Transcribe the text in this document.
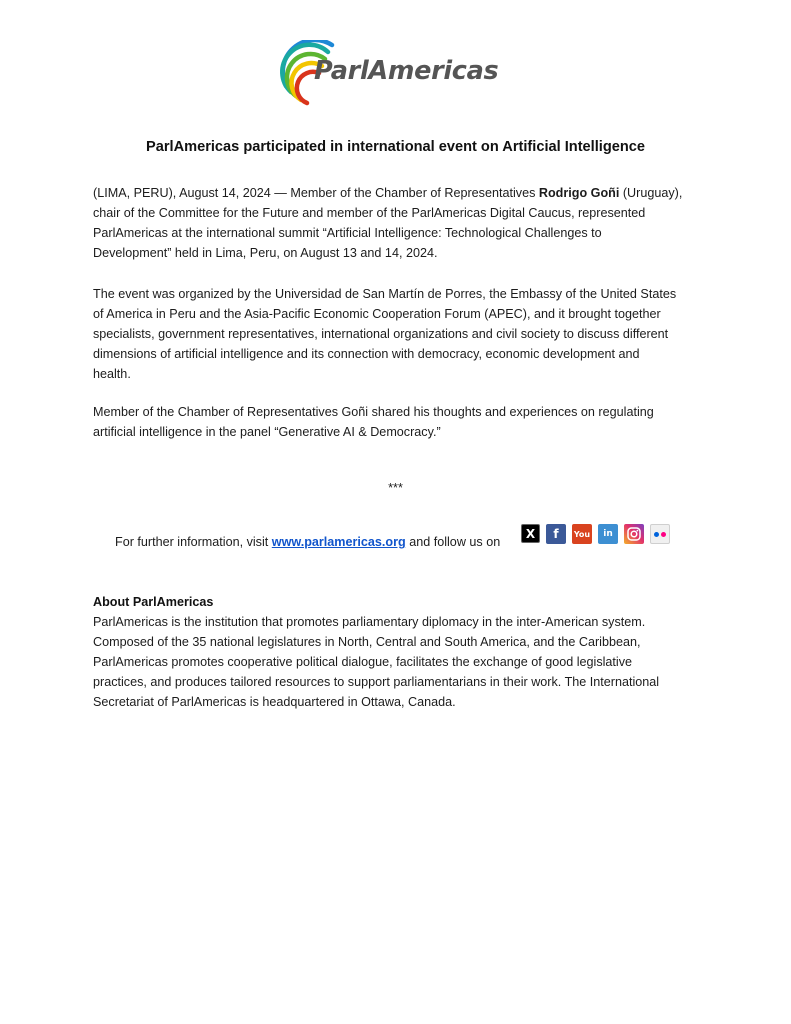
ParlAmericas
ParlAmericas participated in international event on Artificial Intelligence
(LIMA, PERU), August 14, 2024 — Member of the Chamber of Representatives Rodrigo Goñi (Uruguay),
chair of the Committee for the Future and member of the ParlAmericas Digital Caucus, represented
ParlAmericas at the international summit “Artificial Intelligence: Technological Challenges to
Development” held in Lima, Peru, on August 13 and 14, 2024.
The event was organized by the Universidad de San Martín de Porres, the Embassy of the United States
of America in Peru and the Asia-Pacific Economic Cooperation Forum (APEC), and it brought together
specialists, government representatives, international organizations and civil society to discuss different
dimensions of artificial intelligence and its connection with democracy, economic development and
health.
Member of the Chamber of Representatives Goñi shared his thoughts and experiences on regulating
artificial intelligence in the panel “Generative AI & Democracy.”
***
For further information, visit www.parlamericas.org and follow us on
X	f	You	in
About ParlAmericas
ParlAmericas is the institution that promotes parliamentary diplomacy in the inter-American system.
Composed of the 35 national legislatures in North, Central and South America, and the Caribbean,
ParlAmericas promotes cooperative political dialogue, facilitates the exchange of good legislative
practices, and produces tailored resources to support parliamentarians in their work. The International
Secretariat of ParlAmericas is headquartered in Ottawa, Canada.
